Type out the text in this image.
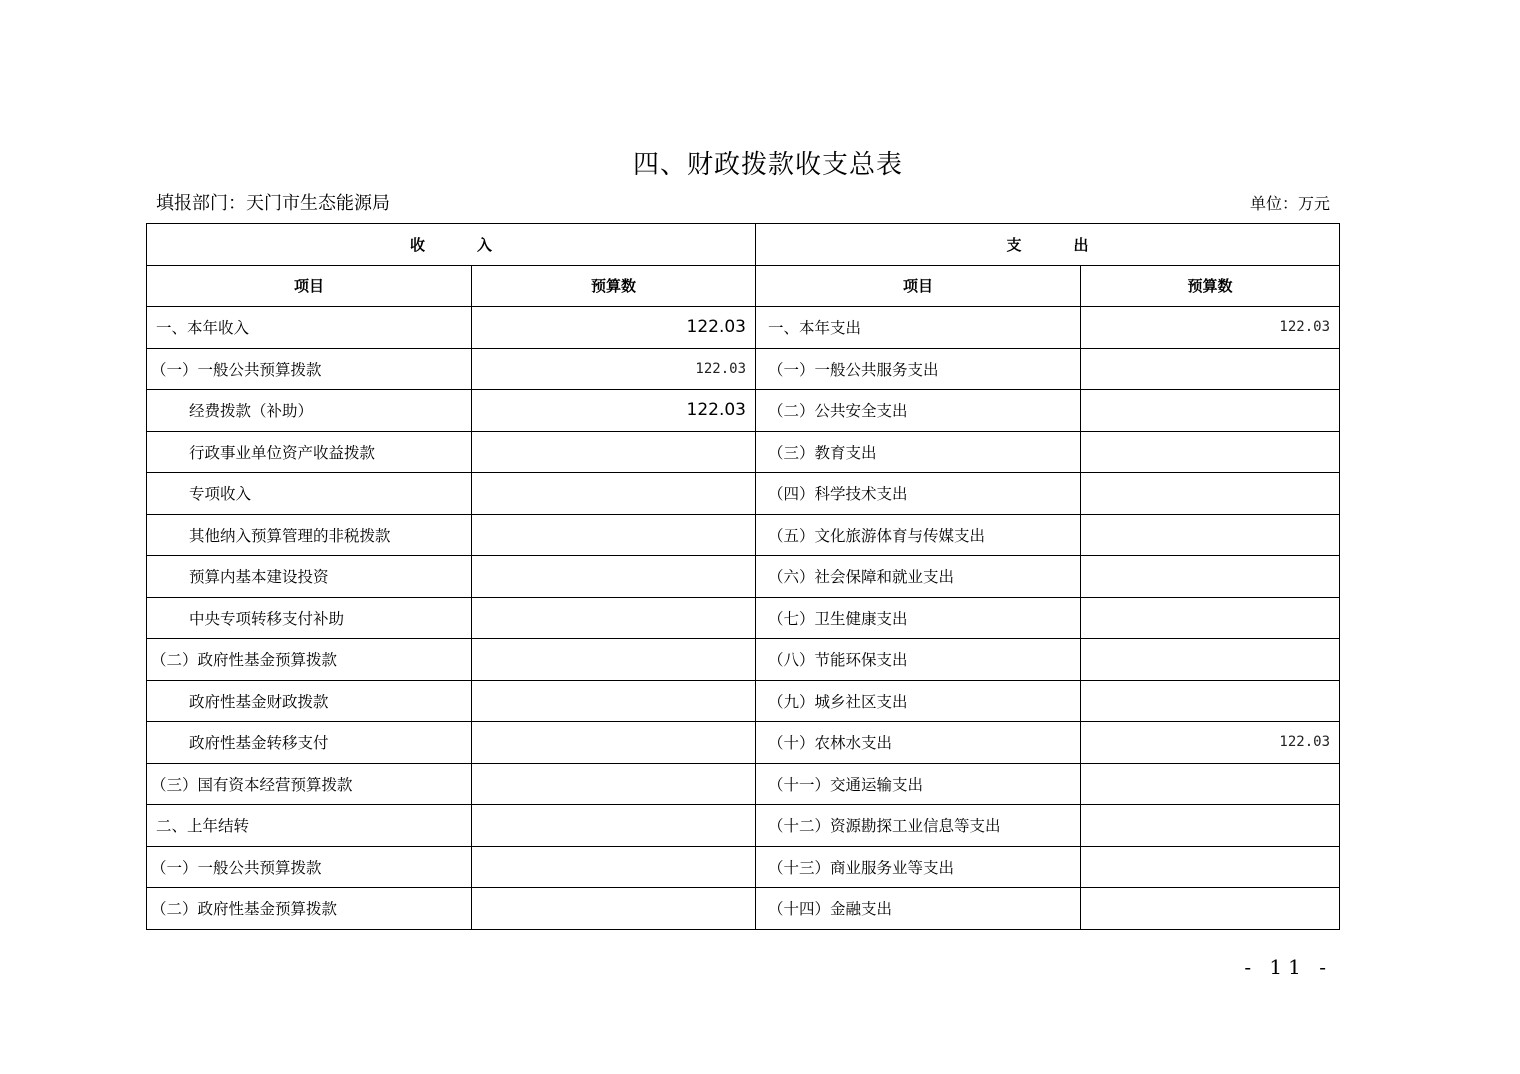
四、财政拨款收支总表
填报部门：天门市生态能源局	单位：万元
收入		支出	
项目	预算数	项目	预算数
一、本年收入	122.03	一、本年支出	122.03
（一）一般公共预算拨款	122.03	（一）一般公共服务支出	
经费拨款（补助）	122.03	（二）公共安全支出	
行政事业单位资产收益拨款		（三）教育支出	
专项收入		（四）科学技术支出	
其他纳入预算管理的非税拨款		（五）文化旅游体育与传媒支出	
预算内基本建设投资		（六）社会保障和就业支出	
中央专项转移支付补助		（七）卫生健康支出	
（二）政府性基金预算拨款		（八）节能环保支出	
政府性基金财政拨款		（九）城乡社区支出	
政府性基金转移支付		（十）农林水支出	122.03
（三）国有资本经营预算拨款		（十一）交通运输支出	
二、上年结转		（十二）资源勘探工业信息等支出	
（一）一般公共预算拨款		（十三）商业服务业等支出	
（二）政府性基金预算拨款		（十四）金融支出	
- 11 -
